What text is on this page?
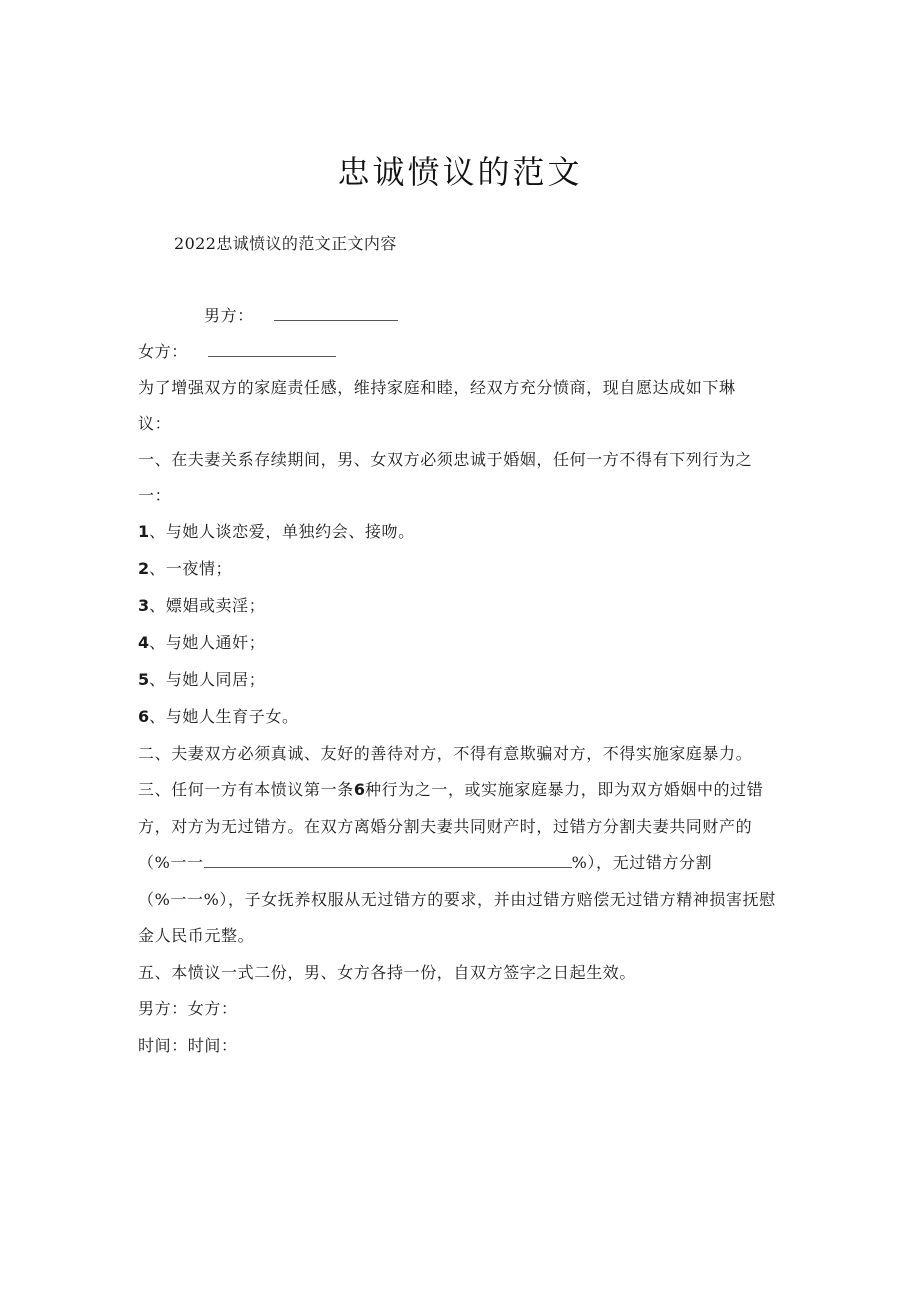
忠诚愤议的范文
2022忠诚愤议的范文正文内容
男方：
女方：
为了增强双方的家庭责任感，维持家庭和睦，经双方充分愤商，现自愿达成如下琳
议：
一、在夫妻关系存续期间，男、女双方必须忠诚于婚姻，任何一方不得有下列行为之
一：
1、与她人谈恋爱，单独约会、接吻。
2、一夜情；
3、嫖娼或卖淫；
4、与她人通奸；
5、与她人同居；
6、与她人生育子女。
二、夫妻双方必须真诚、友好的善待对方，不得有意欺骗对方，不得实施家庭暴力。
三、任何一方有本愤议第一条6种行为之一，或实施家庭暴力，即为双方婚姻中的过错
方，对方为无过错方。在双方离婚分割夫妻共同财产时，过错方分割夫妻共同财产的
（%一一	%），无过错方分割
（%一一%），子女抚养权服从无过错方的要求，并由过错方赔偿无过错方精神损害抚慰
金人民币元整。
五、本愤议一式二份，男、女方各持一份，自双方签字之日起生效。
男方：女方：
时间：时间：
